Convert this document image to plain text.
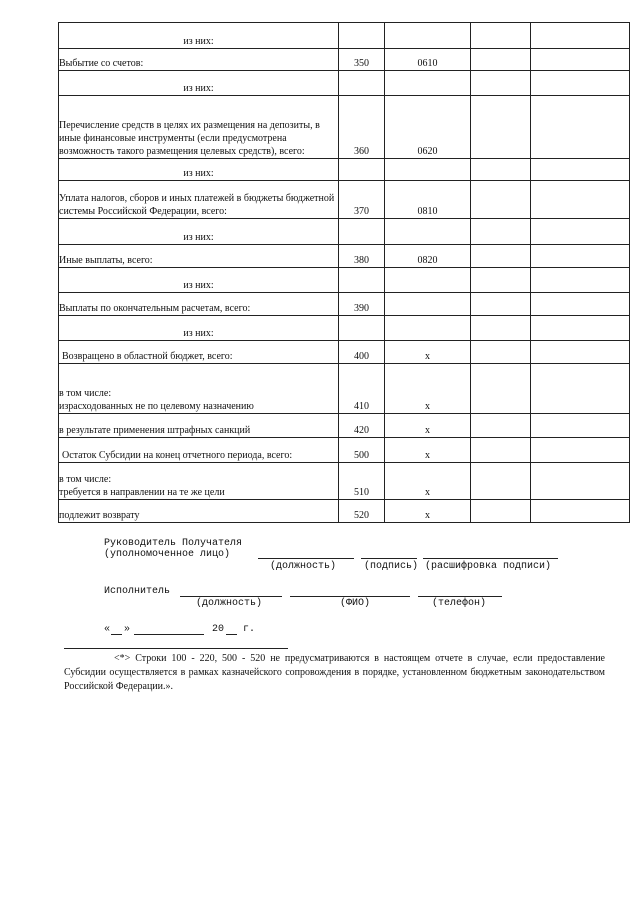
из них:				
Выбытие со счетов:	350	0610		
из них:				
Перечисление средств в целях их размещения на депозиты, в иные финансовые инструменты (если предусмотрена возможность такого размещения целевых средств), всего:	360	0620		
из них:				
Уплата налогов, сборов и иных платежей в бюджеты бюджетной системы Российской Федерации, всего:	370	0810		
из них:				
Иные выплаты, всего:	380	0820		
из них:				
Выплаты по окончательным расчетам, всего:	390			
из них:				
Возвращено в областной бюджет, всего:	400	x		
в том числе:
израсходованных не по целевому назначению	410	x		
в результате применения штрафных санкций	420	x		
Остаток Субсидии на конец отчетного периода, всего:	500	x		
в том числе:
требуется в направлении на те же цели	510	x		
подлежит возврату	520	x		
Руководитель Получателя
(уполномоченное лицо)
(должность)	(подпись) (расшифровка подписи)
Исполнитель
(должность)	(ФИО)	(телефон)
« »	20 г.
<*> Строки 100 - 220, 500 - 520 не предусматриваются в настоящем отчете в случае, если предоставление Субсидии осуществляется в рамках казначейского сопровождения в порядке, установленном бюджетным законодательством Российской Федерации.».
